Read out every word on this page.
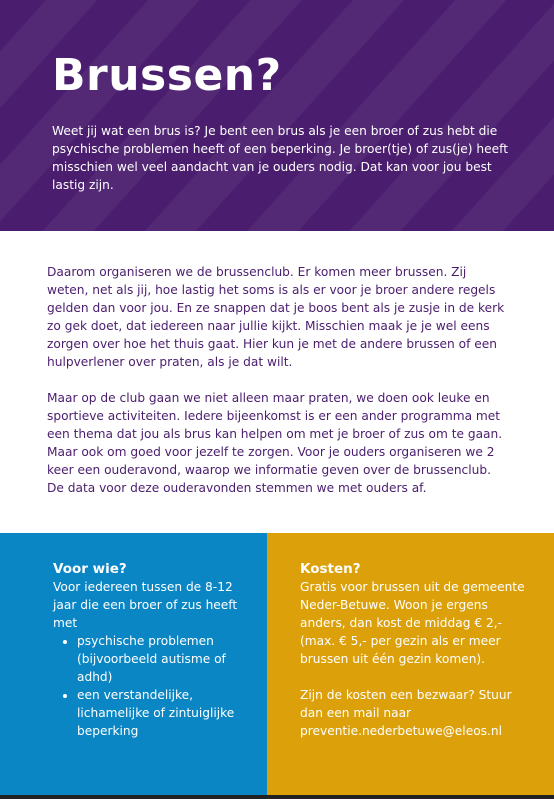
Brussen?

Weet jij wat een brus is? Je bent een brus als je een broer of zus hebt die psychische problemen heeft of een beperking. Je broer(tje) of zus(je) heeft misschien wel veel aandacht van je ouders nodig. Dat kan voor jou best lastig zijn.

Daarom organiseren we de brussenclub. Er komen meer brussen. Zij weten, net als jij, hoe lastig het soms is als er voor je broer andere regels gelden dan voor jou. En ze snappen dat je boos bent als je zusje in de kerk zo gek doet, dat iedereen naar jullie kijkt. Misschien maak je je wel eens zorgen over hoe het thuis gaat. Hier kun je met de andere brussen of een hulpverlener over praten, als je dat wilt.

Maar op de club gaan we niet alleen maar praten, we doen ook leuke en sportieve activiteiten. Iedere bijeenkomst is er een ander programma met een thema dat jou als brus kan helpen om met je broer of zus om te gaan. Maar ook om goed voor jezelf te zorgen. Voor je ouders organiseren we 2 keer een ouderavond, waarop we informatie geven over de brussenclub. De data voor deze ouderavonden stemmen we met ouders af.

Voor wie?

Voor iedereen tussen de 8-12 jaar die een broer of zus heeft met

• psychische problemen (bijvoorbeeld autisme of adhd)
• een verstandelijke, lichamelijke of zintuiglijke beperking
Kosten?

Gratis voor brussen uit de gemeente Neder-Betuwe. Woon je ergens anders, dan kost de middag € 2,- (max. € 5,- per gezin als er meer brussen uit één gezin komen).

Zijn de kosten een bezwaar? Stuur dan een mail naar preventie.nederbetuwe@eleos.nl
